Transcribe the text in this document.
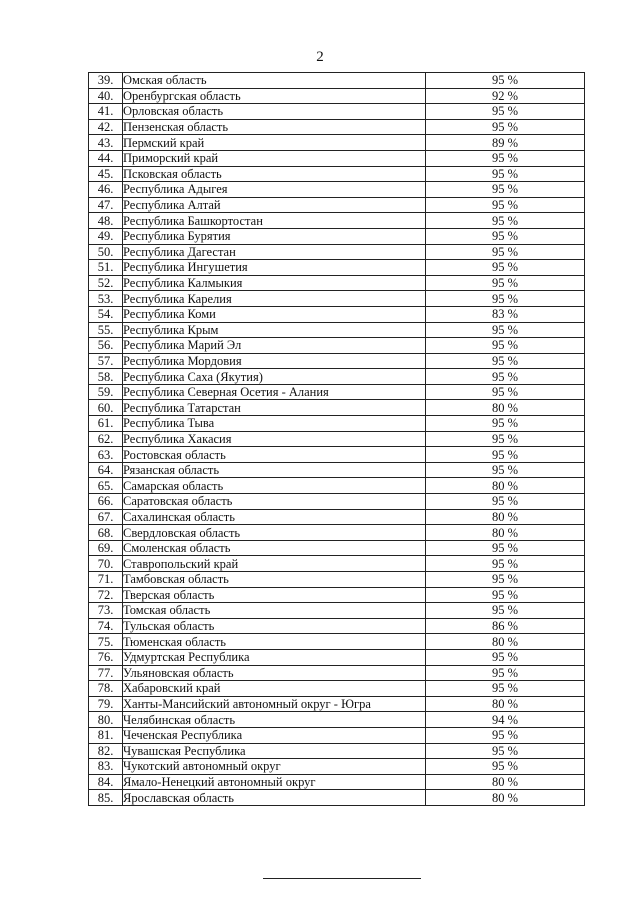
2
39.	Омская область	95 %
40.	Оренбургская область	92 %
41.	Орловская область	95 %
42.	Пензенская область	95 %
43.	Пермский край	89 %
44.	Приморский край	95 %
45.	Псковская область	95 %
46.	Республика Адыгея	95 %
47.	Республика Алтай	95 %
48.	Республика Башкортостан	95 %
49.	Республика Бурятия	95 %
50.	Республика Дагестан	95 %
51.	Республика Ингушетия	95 %
52.	Республика Калмыкия	95 %
53.	Республика Карелия	95 %
54.	Республика Коми	83 %
55.	Республика Крым	95 %
56.	Республика Марий Эл	95 %
57.	Республика Мордовия	95 %
58.	Республика Саха (Якутия)	95 %
59.	Республика Северная Осетия - Алания	95 %
60.	Республика Татарстан	80 %
61.	Республика Тыва	95 %
62.	Республика Хакасия	95 %
63.	Ростовская область	95 %
64.	Рязанская область	95 %
65.	Самарская область	80 %
66.	Саратовская область	95 %
67.	Сахалинская область	80 %
68.	Свердловская область	80 %
69.	Смоленская область	95 %
70.	Ставропольский край	95 %
71.	Тамбовская область	95 %
72.	Тверская область	95 %
73.	Томская область	95 %
74.	Тульская область	86 %
75.	Тюменская область	80 %
76.	Удмуртская Республика	95 %
77.	Ульяновская область	95 %
78.	Хабаровский край	95 %
79.	Ханты-Мансийский автономный округ - Югра	80 %
80.	Челябинская область	94 %
81.	Чеченская Республика	95 %
82.	Чувашская Республика	95 %
83.	Чукотский автономный округ	95 %
84.	Ямало-Ненецкий автономный округ	80 %
85.	Ярославская область	80 %
